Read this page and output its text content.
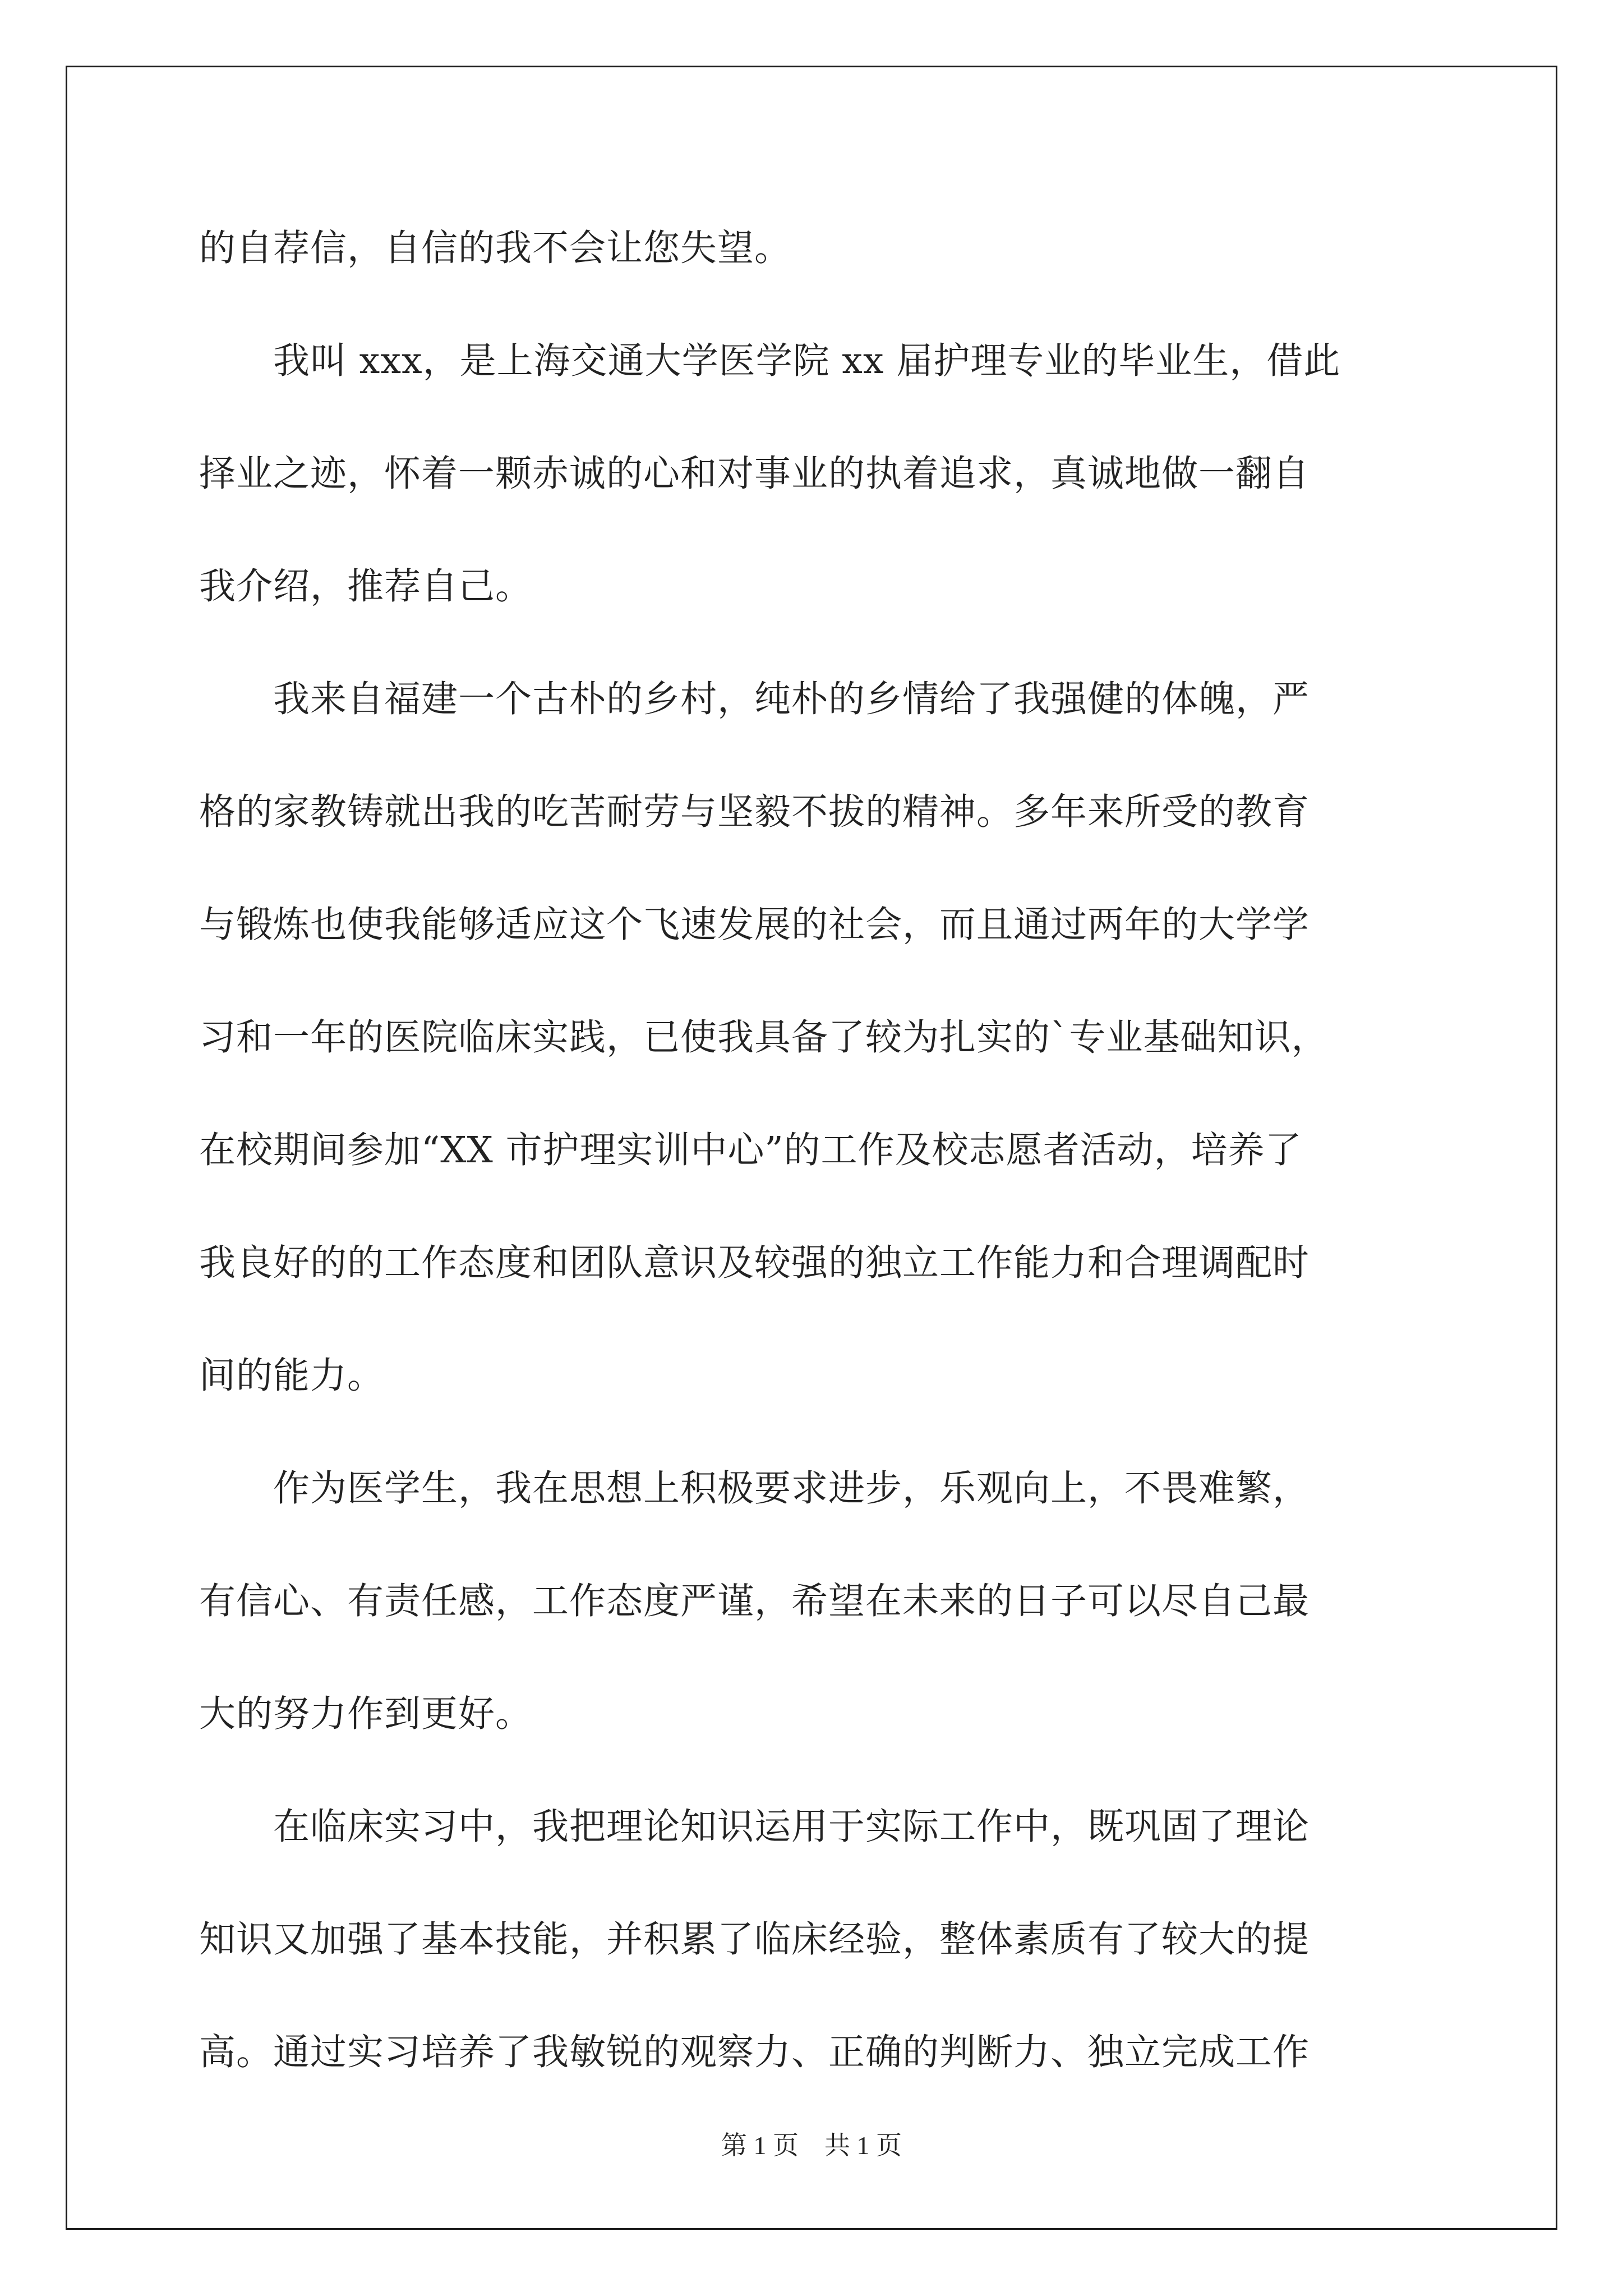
的自荐信，自信的我不会让您失望。
　　我叫 xxx，是上海交通大学医学院 xx 届护理专业的毕业生，借此
择业之迹，怀着一颗赤诚的心和对事业的执着追求，真诚地做一翻自
我介绍，推荐自己。
　　我来自福建一个古朴的乡村，纯朴的乡情给了我强健的体魄，严
格的家教铸就出我的吃苦耐劳与坚毅不拔的精神。多年来所受的教育
与锻炼也使我能够适应这个飞速发展的社会，而且通过两年的大学学
习和一年的医院临床实践，已使我具备了较为扎实的`专业基础知识，
在校期间参加“XX 市护理实训中心”的工作及校志愿者活动，培养了
我良好的的工作态度和团队意识及较强的独立工作能力和合理调配时
间的能力。
　　作为医学生，我在思想上积极要求进步，乐观向上，不畏难繁，
有信心、有责任感，工作态度严谨，希望在未来的日子可以尽自己最
大的努力作到更好。
　　在临床实习中，我把理论知识运用于实际工作中，既巩固了理论
知识又加强了基本技能，并积累了临床经验，整体素质有了较大的提
高。通过实习培养了我敏锐的观察力、正确的判断力、独立完成工作
第 1 页　共 1 页
